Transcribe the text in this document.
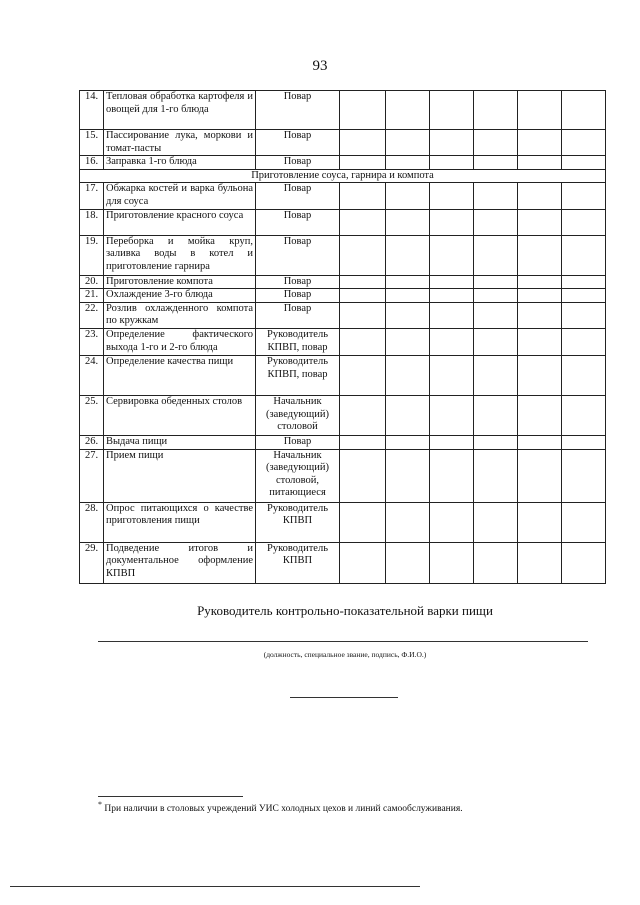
93
14.	Тепловая обработка картофеля и овощей для 1-го блюда	Повар						
15.	Пассирование лука, моркови и томат-пасты	Повар						
16.	Заправка 1-го блюда	Повар						
Приготовление соуса, гарнира и компота								
17.	Обжарка костей и варка бульона для соуса	Повар						
18.	Приготовление красного соуса	Повар						
19.	Переборка и мойка круп, заливка воды в котел и приготовление гарнира	Повар						
20.	Приготовление компота	Повар						
21.	Охлаждение 3-го блюда	Повар						
22.	Розлив охлажденного компота по кружкам	Повар						
23.	Определение фактического выхода 1-го и 2-го блюда	Руководитель КПВП, повар						
24.	Определение качества пищи	Руководитель КПВП, повар						
25.	Сервировка обеденных столов	Начальник (заведующий) столовой						
26.	Выдача пищи	Повар						
27.	Прием пищи	Начальник (заведующий) столовой, питающиеся						
28.	Опрос питающихся о качестве приготовления пищи	Руководитель КПВП						
29.	Подведение итогов и документальное оформление КПВП	Руководитель КПВП						
Руководитель контрольно-показательной варки пищи
(должность, специальное звание, подпись, Ф.И.О.)
* При наличии в столовых учреждений УИС холодных цехов и линий самообслуживания.
